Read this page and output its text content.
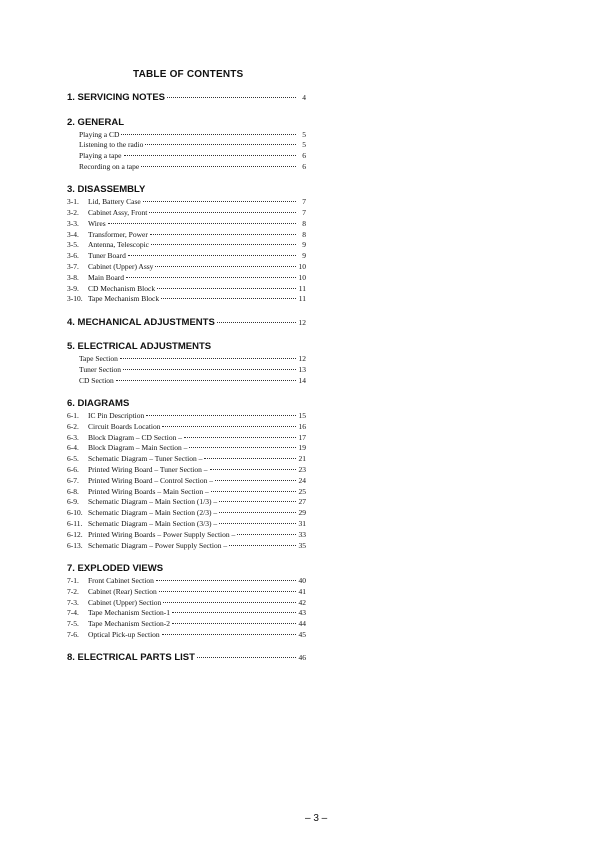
TABLE OF CONTENTS
1. SERVICING NOTES	4
2. GENERAL
Playing a CD	5
Listening to the radio	5
Playing a tape	6
Recording on a tape	6
3. DISASSEMBLY
3-1.	Lid, Battery Case	7
3-2.	Cabinet Assy, Front	7
3-3.	Wires	8
3-4.	Transformer, Power	8
3-5.	Antenna, Telescopic	9
3-6.	Tuner Board	9
3-7.	Cabinet (Upper) Assy	10
3-8.	Main Board	10
3-9.	CD Mechanism Block	11
3-10. Tape Mechanism Block	11
4. MECHANICAL ADJUSTMENTS	12
5. ELECTRICAL ADJUSTMENTS
Tape Section	12
Tuner Section	13
CD Section	14
6. DIAGRAMS
6-1.	IC Pin Description	15
6-2.	Circuit Boards Location	16
6-3.	Block Diagram – CD Section –	17
6-4.	Block Diagram – Main Section –	19
6-5.	Schematic Diagram – Tuner Section –	21
6-6.	Printed Wiring Board – Tuner Section –	23
6-7.	Printed Wiring Board – Control Section –	24
6-8.	Printed Wiring Boards – Main Section –	25
6-9.	Schematic Diagram – Main Section (1/3) –	27
6-10. Schematic Diagram – Main Section (2/3) –	29
6-11. Schematic Diagram – Main Section (3/3) –	31
6-12. Printed Wiring Boards – Power Supply Section –	33
6-13. Schematic Diagram – Power Supply Section –	35
7. EXPLODED VIEWS
7-1.	Front Cabinet Section	40
7-2.	Cabinet (Rear) Section	41
7-3.	Cabinet (Upper) Section	42
7-4.	Tape Mechanism Section-1	43
7-5.	Tape Mechanism Section-2	44
7-6.	Optical Pick-up Section	45
8. ELECTRICAL PARTS LIST	46
– 3 –
